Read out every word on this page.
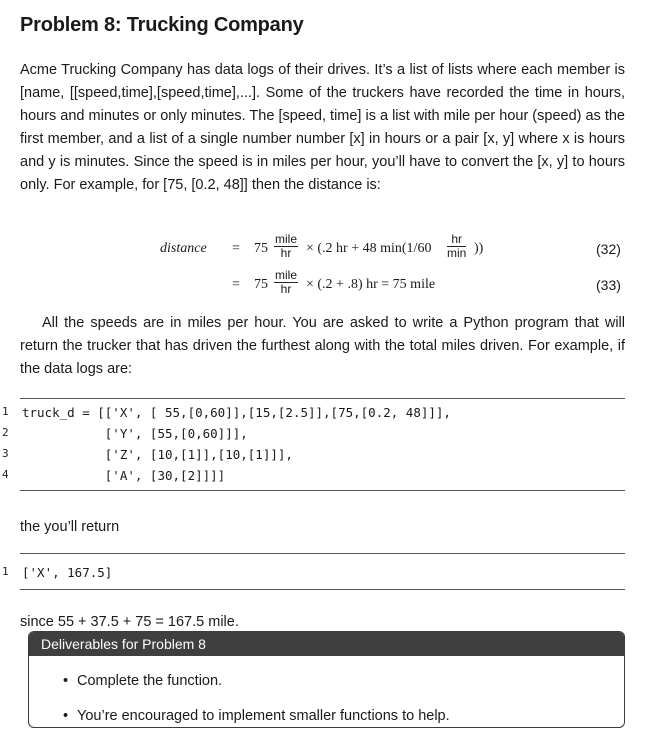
Problem 8: Trucking Company
Acme Trucking Company has data logs of their drives. It’s a list of lists where each member is [name, [[speed,time],[speed,time],...]. Some of the truckers have recorded the time in hours, hours and minutes or only minutes. The [speed, time] is a list with mile per hour (speed) as the first member, and a list of a single number number [x] in hours or a pair [x, y] where x is hours and y is minutes. Since the speed is in miles per hour, you’ll have to convert the [x, y] to hours only. For example, for [75, [0.2, 48]] then the distance is:
distance = 75
mile
hr	× (.2 hr + 48 min(1/60
hr
min ))	(32)
= 75
mile
hr	× (.2 + .8) hr = 75 mile	(33)
All the speeds are in miles per hour. You are asked to write a Python program that will return the trucker that has driven the furthest along with the total miles driven. For example, if the data logs are:
1
2
3
4
truck_d = [['X', [ 55,[0,60]],[15,[2.5]],[75,[0.2, 48]]],
['Y', [55,[0,60]]],
['Z', [10,[1]],[10,[1]]],
['A', [30,[2]]]]
the you’ll return
1 ['X', 167.5]
since 55 + 37.5 + 75 = 167.5 mile.
Deliverables for Problem 8
• Complete the function.
• You’re encouraged to implement smaller functions to help.
